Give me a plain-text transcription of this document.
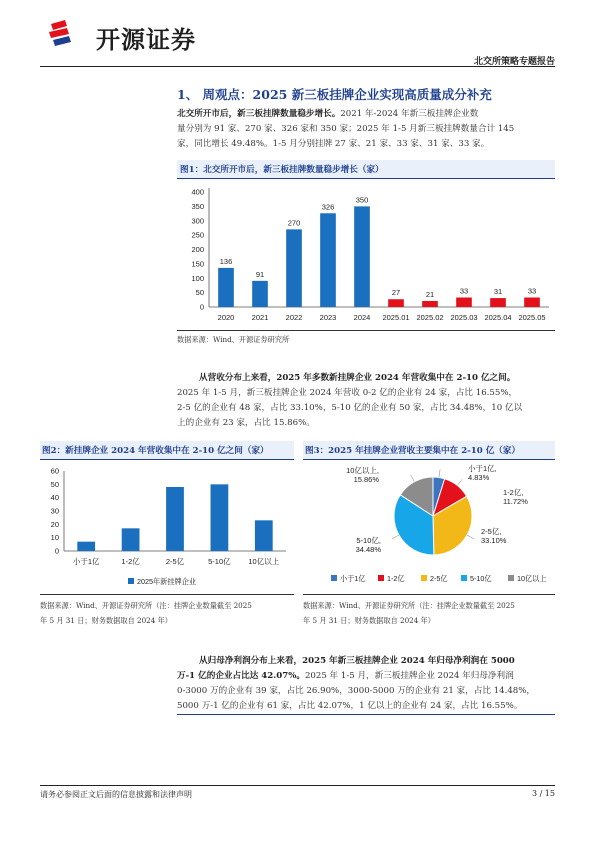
开源证券
北交所策略专题报告
1、 周观点：2025 新三板挂牌企业实现高质量成分补充
北交所开市后，新三板挂牌数量稳步增长。2021 年-2024 年新三板挂牌企业数
量分别为 91 家、270 家、326 家和 350 家；2025 年 1-5 月新三板挂牌数量合计 145
家，同比增长 49.48%。1-5 月分别挂牌 27 家、21 家、33 家、31 家、33 家。
图1：北交所开市后，新三板挂牌数量稳步增长（家）
0
50
100
150
200
250
300
350
400
136
2020
91
2021
270
2022
326
2023
350
2024
27
2025.01
21
2025.02
33
2025.03
31
2025.04
33
2025.05
数据来源：Wind、开源证券研究所
从营收分布上来看，2025 年多数新挂牌企业 2024 年营收集中在 2-10 亿之间。
2025 年 1-5 月，新三板挂牌企业 2024 年营收 0-2 亿的企业有 24 家，占比 16.55%，
2-5 亿的企业有 48 家，占比 33.10%，5-10 亿的企业有 50 家，占比 34.48%，10 亿以
上的企业有 23 家，占比 15.86%。
图2：新挂牌企业 2024 年营收集中在 2-10 亿之间（家）
0
10
20
30
40
50
60
小于1亿	1-2亿	2-5亿	5-10亿 10亿以上
2025年新挂牌企业
数据来源：Wind、开源证券研究所（注：挂牌企业数量截至 2025
年 5 月 31 日；财务数据取自 2024 年）
图3：2025 年挂牌企业营收主要集中在 2-10 亿（家）
小于1亿,
4.83%
1-2亿,
11.72%
2-5亿,
33.10%
5-10亿,
34.48%
10亿以上,
15.86%
小于1亿	1-2亿	2-5亿	5-10亿	10亿以上
数据来源：Wind、开源证券研究所（注：挂牌企业数量截至 2025
年 5 月 31 日；财务数据取自 2024 年）
从归母净利润分布上来看，2025 年新三板挂牌企业 2024 年归母净利润在 5000
万-1 亿的企业占比达 42.07%。2025 年 1-5 月，新三板挂牌企业 2024 年归母净利润
0-3000 万的企业有 39 家，占比 26.90%，3000-5000 万的企业有 21 家，占比 14.48%，
5000 万-1 亿的企业有 61 家，占比 42.07%，1 亿以上的企业有 24 家，占比 16.55%。
请务必参阅正文后面的信息披露和法律声明	3 / 15
